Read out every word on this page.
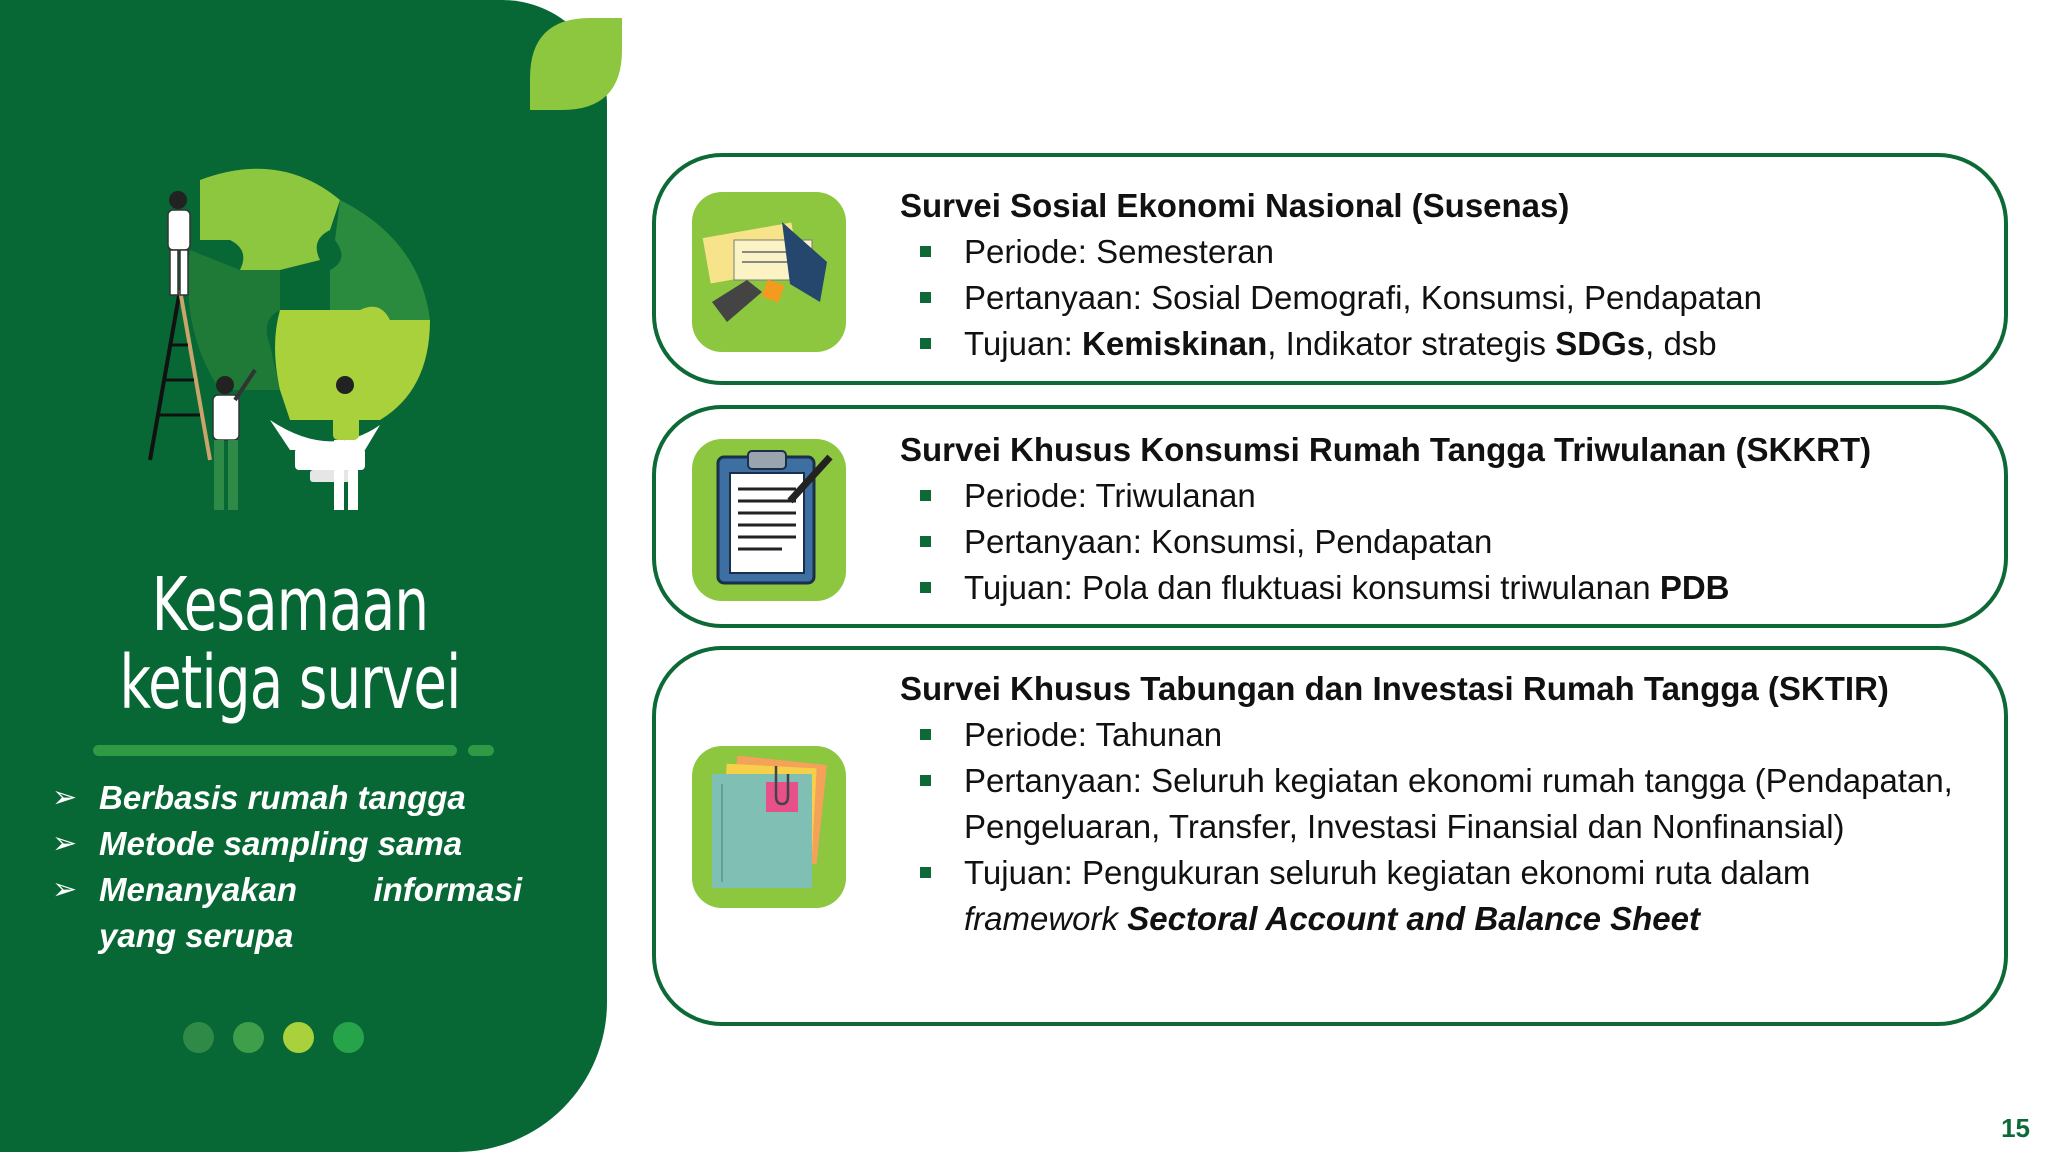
Kesamaan
ketiga survei
➢ Berbasis rumah tangga
➢ Metode sampling sama
➢ Menanyakan informasi
yang serupa
Survei Sosial Ekonomi Nasional (Susenas)
Periode: Semesteran
Pertanyaan: Sosial Demografi, Konsumsi, Pendapatan
Tujuan: Kemiskinan, Indikator strategis SDGs, dsb
Survei Khusus Konsumsi Rumah Tangga Triwulanan (SKKRT)
Periode: Triwulanan
Pertanyaan: Konsumsi, Pendapatan
Tujuan: Pola dan fluktuasi konsumsi triwulanan PDB
Survei Khusus Tabungan dan Investasi Rumah Tangga (SKTIR)
Periode: Tahunan
Pertanyaan: Seluruh kegiatan ekonomi rumah tangga (Pendapatan, Pengeluaran, Transfer, Investasi Finansial dan Nonfinansial)
Tujuan: Pengukuran seluruh kegiatan ekonomi ruta dalam framework Sectoral Account and Balance Sheet
15
